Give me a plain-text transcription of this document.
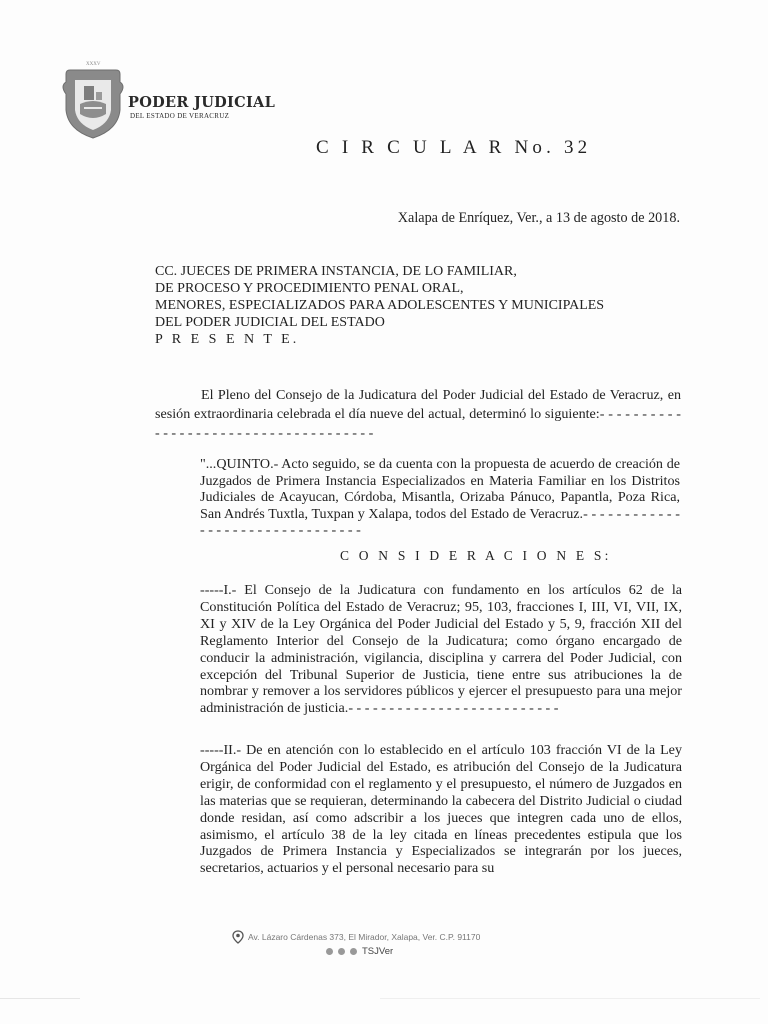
XXXV
PODER JUDICIAL
DEL ESTADO DE VERACRUZ
C I R C U L A R No. 32
Xalapa de Enríquez, Ver., a 13 de agosto de 2018.
CC. JUECES DE PRIMERA INSTANCIA, DE LO FAMILIAR,
DE PROCESO Y PROCEDIMIENTO PENAL ORAL,
MENORES, ESPECIALIZADOS PARA ADOLESCENTES Y MUNICIPALES
DEL PODER JUDICIAL DEL ESTADO
P R E S E N T E.
El Pleno del Consejo de la Judicatura del Poder Judicial del Estado de Veracruz, en sesión extraordinaria celebrada el día nueve del actual, determinó lo siguiente:- - - - - - - - - - - - - - - - - - - - - - - - - - - - - - - - - - - - -
"...QUINTO.- Acto seguido, se da cuenta con la propuesta de acuerdo de creación de Juzgados de Primera Instancia Especializados en Materia Familiar en los Distritos Judiciales de Acayucan, Córdoba, Misantla, Orizaba Pánuco, Papantla, Poza Rica, San Andrés Tuxtla, Tuxpan y Xalapa, todos del Estado de Veracruz.- - - - - - - - - - - - - - - - - - - - - - - - - - - - - - - -
C O N S I D E R A C I O N E S:
-----I.- El Consejo de la Judicatura con fundamento en los artículos 62 de la Constitución Política del Estado de Veracruz; 95, 103, fracciones I, III, VI, VII, IX, XI y XIV de la Ley Orgánica del Poder Judicial del Estado y 5, 9, fracción XII del Reglamento Interior del Consejo de la Judicatura; como órgano encargado de conducir la administración, vigilancia, disciplina y carrera del Poder Judicial, con excepción del Tribunal Superior de Justicia, tiene entre sus atribuciones la de nombrar y remover a los servidores públicos y ejercer el presupuesto para una mejor administración de justicia.- - - - - - - - - - - - - - - - - - - - - - - - - -
-----II.- De en atención con lo establecido en el artículo 103 fracción VI de la Ley Orgánica del Poder Judicial del Estado, es atribución del Consejo de la Judicatura erigir, de conformidad con el reglamento y el presupuesto, el número de Juzgados en las materias que se requieran, determinando la cabecera del Distrito Judicial o ciudad donde residan, así como adscribir a los jueces que integren cada uno de ellos, asimismo, el artículo 38 de la ley citada en líneas precedentes estipula que los Juzgados de Primera Instancia y Especializados se integrarán por los jueces, secretarios, actuarios y el personal necesario para su
Av. Lázaro Cárdenas 373, El Mirador, Xalapa, Ver. C.P. 91170
TSJVer
